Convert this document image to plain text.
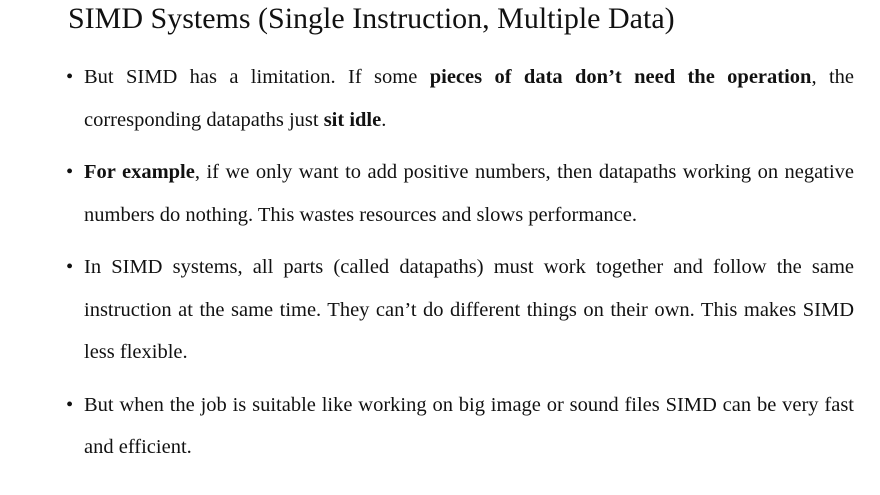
SIMD Systems (Single Instruction, Multiple Data)
• But SIMD has a limitation. If some pieces of data don’t need the operation, the corresponding datapaths just sit idle.
• For example, if we only want to add positive numbers, then datapaths working on negative numbers do nothing. This wastes resources and slows performance.
• In SIMD systems, all parts (called datapaths) must work together and follow the same instruction at the same time. They can’t do different things on their own. This makes SIMD less flexible.
• But when the job is suitable like working on big image or sound files SIMD can be very fast and efficient.
